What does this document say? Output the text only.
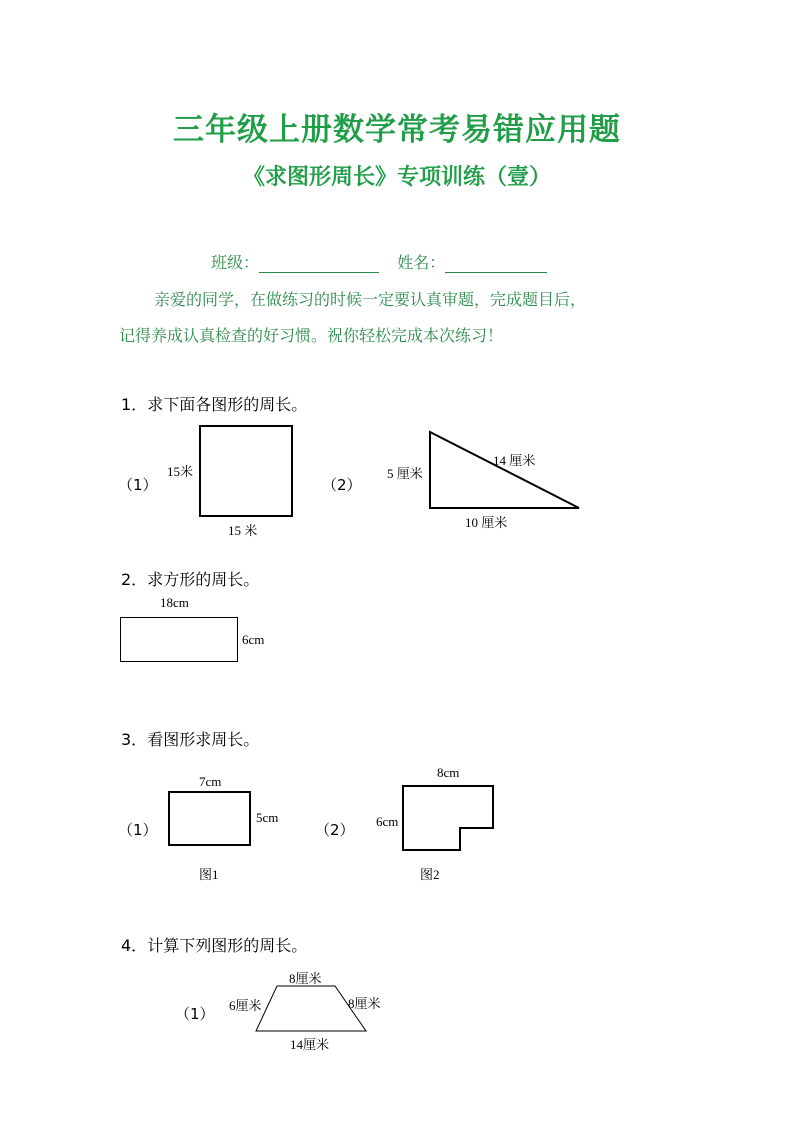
三年级上册数学常考易错应用题
《求图形周长》专项训练（壹）
班级：	姓名：
亲爱的同学，在做练习的时候一定要认真审题，完成题目后，
记得养成认真检查的好习惯。祝你轻松完成本次练习！
1．求下面各图形的周长。
（1）
15米
15 米
（2）
5 厘米
14 厘米
10 厘米
2．求方形的周长。
18cm
6cm
3．看图形求周长。
（1）
7cm
5cm
图1
（2）
8cm
6cm
图2
4．计算下列图形的周长。
（1）
8厘米
6厘米	8厘米
14厘米
